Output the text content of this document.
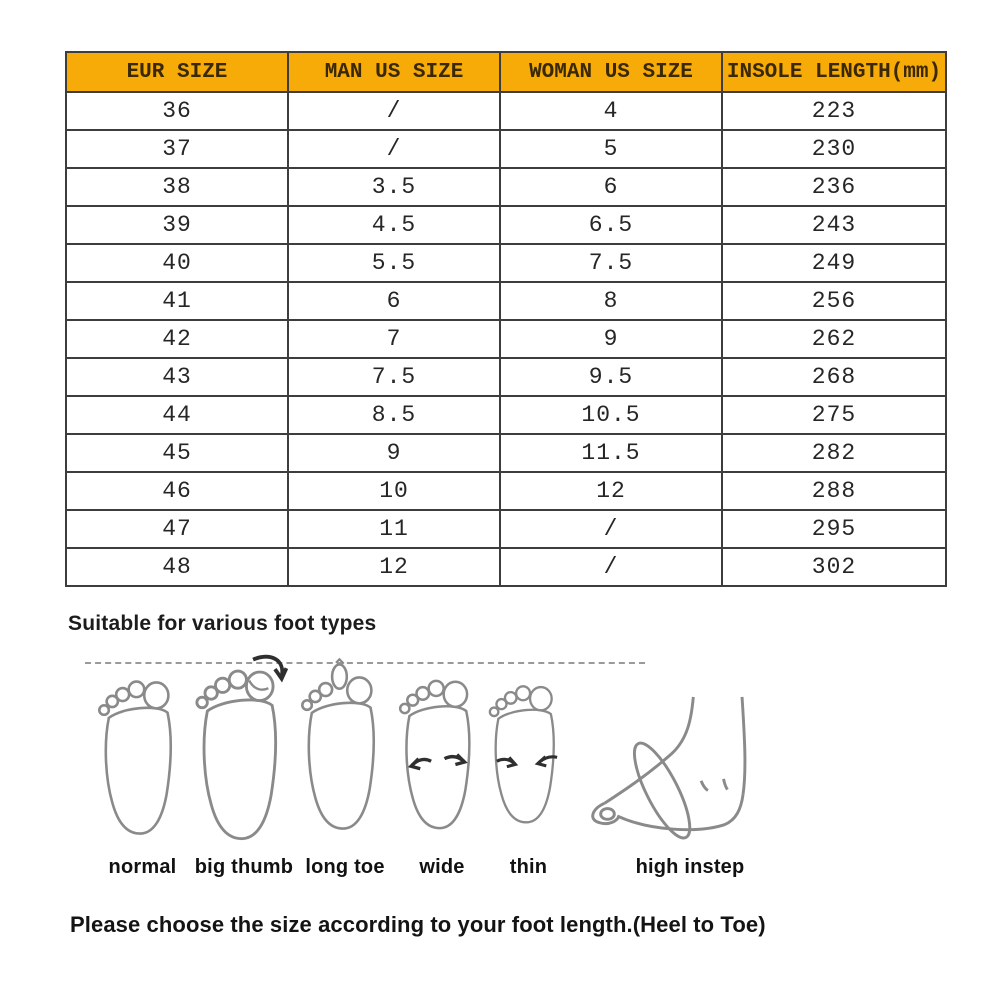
EUR SIZE	MAN US SIZE	WOMAN US SIZE	INSOLE LENGTH(mm)
36	/	4	223
37	/	5	230
38	3.5	6	236
39	4.5	6.5	243
40	5.5	7.5	249
41	6	8	256
42	7	9	262
43	7.5	9.5	268
44	8.5	10.5	275
45	9	11.5	282
46	10	12	288
47	11	/	295
48	12	/	302
Suitable for various foot types
normal big thumb long toe	wide	thin	high instep
Please choose the size according to your foot length.(Heel to Toe)
